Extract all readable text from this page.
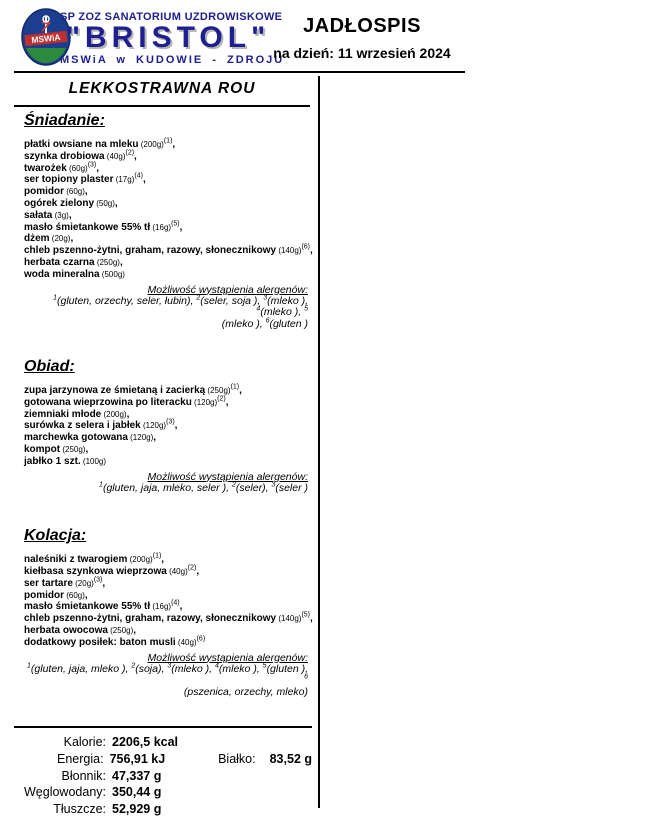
MSWiA
SP ZOZ SANATORIUM UZDROWISKOWE
"BRISTOL"
MSWiA w KUDOWIE - ZDROJU
JADŁOSPIS
na dzień: 11 wrzesień 2024
LEKKOSTRAWNA ROU
Śniadanie:
płatki owsiane na mleku (200g)$^{(1)}$,
szynka drobiowa (40g)$^{(2)}$,
twarożek (60g)$^{(3)}$,
ser topiony plaster (17g)$^{(4)}$,
pomidor (60g),
ogórek zielony (50g),
sałata (3g),
masło śmietankowe 55% tł (16g)$^{(5)}$,
dżem (20g),
chleb pszenno-żytni, graham, razowy, słonecznikowy (140g)$^{(6)}$,
herbata czarna (250g),
woda mineralna (500g)
Możliwość wystąpienia alergenów:
$^1$(gluten, orzechy, seler, łubin), $^2$(seler, soja ), $^3$(mleko ), $^4$(mleko ), $^5$
(mleko ), $^6$(gluten )
Obiad:
zupa jarzynowa ze śmietaną i zacierką (250g)$^{(1)}$,
gotowana wieprzowina po literacku (120g)$^{(2)}$,
ziemniaki młode (200g),
surówka z selera i jabłek (120g)$^{(3)}$,
marchewka gotowana (120g),
kompot (250g),
jabłko 1 szt. (100g)
Możliwość wystąpienia alergenów:
$^1$(gluten, jaja, mleko, seler ), $^2$(seler), $^3$(seler )
Kolacja:
naleśniki z twarogiem (200g)$^{(1)}$,
kiełbasa szynkowa wieprzowa (40g)$^{(2)}$,
ser tartare (20g)$^{(3)}$,
pomidor (60g),
masło śmietankowe 55% tł (16g)$^{(4)}$,
chleb pszenno-żytni, graham, razowy, słonecznikowy (140g)$^{(5)}$,
herbata owocowa (250g),
dodatkowy posiłek: baton musli (40g)$^{(6)}$
Możliwość wystąpienia alergenów:
$^1$(gluten, jaja, mleko ), $^2$(soja), $^3$(mleko ), $^4$(mleko ), $^5$(gluten ), $^6$
(pszenica, orzechy, mleko)
Kalorie: 2206,5 kcal
Energia: 756,91 kJ	Białko:	83,52 g
Błonnik: 47,337 g
Węglowodany: 350,44 g
Tłuszcze: 52,929 g
